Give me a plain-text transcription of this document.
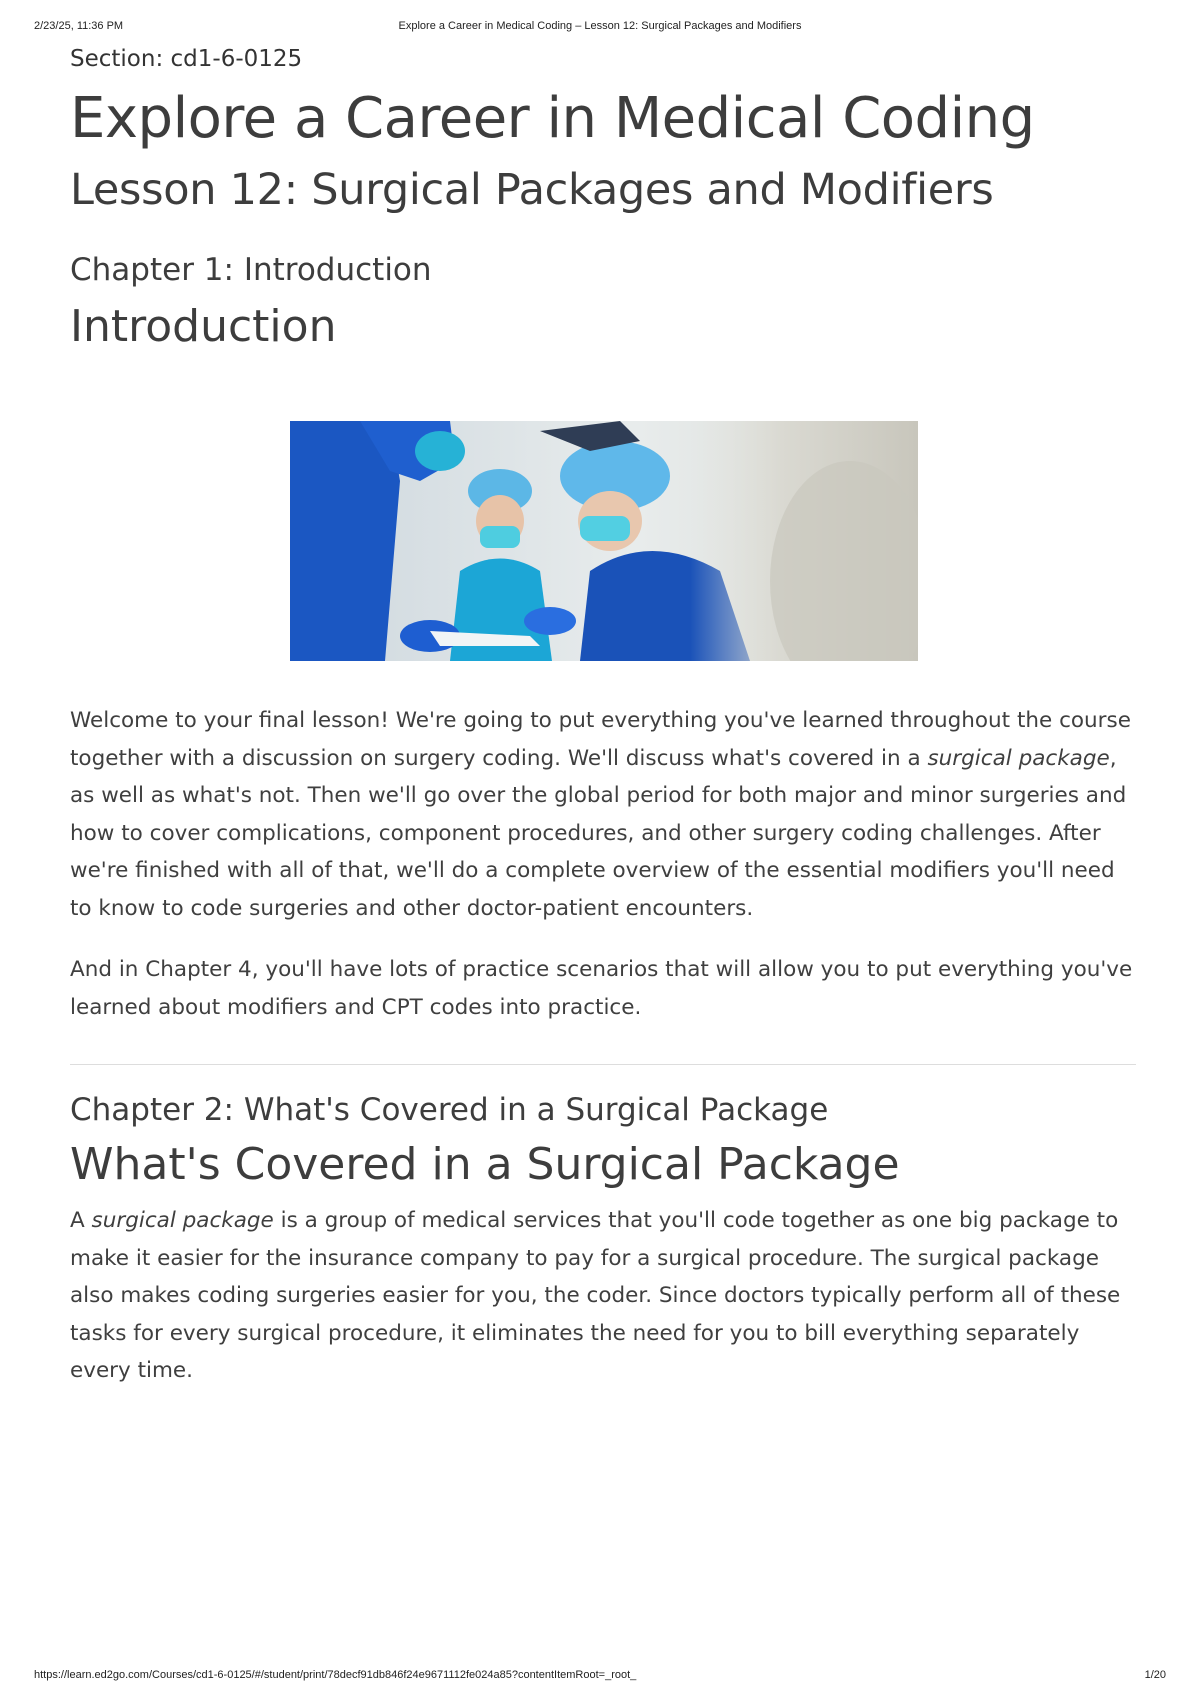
2/23/25, 11:36 PM	Explore a Career in Medical Coding – Lesson 12: Surgical Packages and Modifiers

Section: cd1-6-0125

Explore a Career in Medical Coding
Lesson 12: Surgical Packages and Modifiers
Chapter 1: Introduction
Introduction

Welcome to your final lesson! We're going to put everything you've learned throughout the course together with a discussion on surgery coding. We'll discuss what's covered in a surgical package, as well as what's not. Then we'll go over the global period for both major and minor surgeries and how to cover complications, component procedures, and other surgery coding challenges. After we're finished with all of that, we'll do a complete overview of the essential modifiers you'll need to know to code surgeries and other doctor-patient encounters.

And in Chapter 4, you'll have lots of practice scenarios that will allow you to put everything you've learned about modifiers and CPT codes into practice.

Chapter 2: What's Covered in a Surgical Package
What's Covered in a Surgical Package

A surgical package is a group of medical services that you'll code together as one big package to make it easier for the insurance company to pay for a surgical procedure. The surgical package also makes coding surgeries easier for you, the coder. Since doctors typically perform all of these tasks for every surgical procedure, it eliminates the need for you to bill everything separately every time.

https://learn.ed2go.com/Courses/cd1-6-0125/#/student/print/78decf91db846f24e9671112fe024a85?contentItemRoot=_root_	1/20
